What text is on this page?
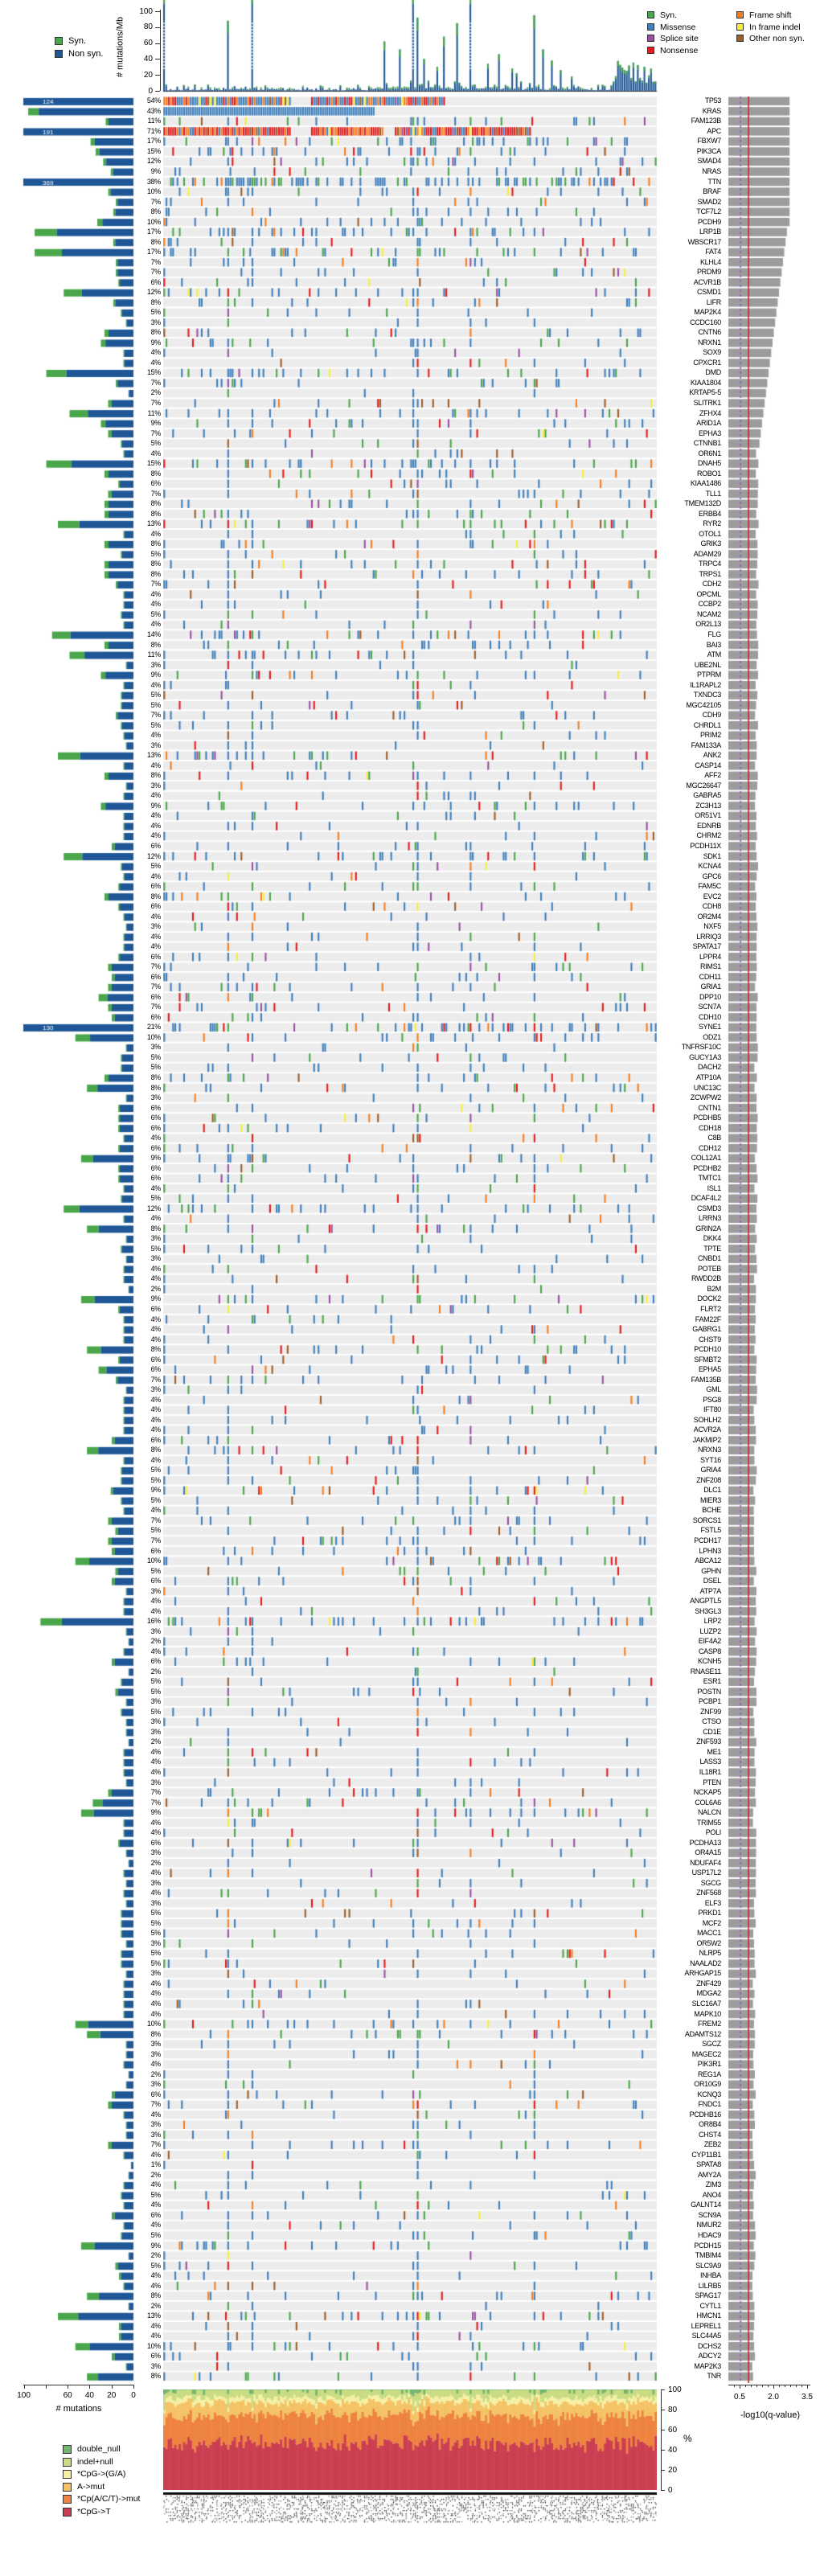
# mutations/Mb
0
20
40
60
80
100
Syn.
Non syn.
Syn.
Missense
Splice site
Nonsense
Frame shift
In frame indel
Other non syn.
54%	TP53
43%	KRAS
11%	FAM123B
71%	APC
17%	FBXW7
15%	PIK3CA
12%	SMAD4
9%	NRAS
38%	TTN
10%	BRAF
7%	SMAD2
8%	TCF7L2
10%	PCDH9
17%	LRP1B
8%	WBSCR17
17%	FAT4
7%	KLHL4
7%	PRDM9
6%	ACVR1B
12%	CSMD1
8%	LIFR
5%	MAP2K4
3%	CCDC160
8%	CNTN6
9%	NRXN1
4%	SOX9
4%	CPXCR1
15%	DMD
7%	KIAA1804
2%	KRTAP5-5
7%	SLITRK1
11%	ZFHX4
9%	ARID1A
7%	EPHA3
5%	CTNNB1
4%	OR6N1
15%	DNAH5
8%	ROBO1
6%	KIAA1486
7%	TLL1
8%	TMEM132D
8%	ERBB4
13%	RYR2
4%	OTOL1
8%	GRIK3
5%	ADAM29
8%	TRPC4
8%	TRPS1
7%	CDH2
4%	OPCML
4%	CCBP2
5%	NCAM2
4%	OR2L13
14%	FLG
8%	BAI3
11%	ATM
3%	UBE2NL
9%	PTPRM
4%	IL1RAPL2
5%	TXNDC3
5%	MGC42105
7%	CDH9
5%	CHRDL1
4%	PRIM2
3%	FAM133A
13%	ANK2
4%	CASP14
8%	AFF2
3%	MGC26647
4%	GABRA5
9%	ZC3H13
4%	OR51V1
4%	EDNRB
4%	CHRM2
6%	PCDH11X
12%	SDK1
5%	KCNA4
4%	GPC6
6%	FAM5C
8%	EVC2
6%	CDH8
4%	OR2M4
3%	NXF5
4%	LRRIQ3
4%	SPATA17
6%	LPPR4
7%	RIMS1
6%	CDH11
7%	GRIA1
6%	DPP10
7%	SCN7A
6%	CDH10
21%	SYNE1
10%	ODZ1
3%	TNFRSF10C
5%	GUCY1A3
5%	DACH2
8%	ATP10A
8%	UNC13C
3%	ZCWPW2
6%	CNTN1
6%	PCDHB5
6%	CDH18
4%	C8B
6%	CDH12
9%	COL12A1
6%	PCDHB2
6%	TMTC1
4%	ISL1
5%	DCAF4L2
12%	CSMD3
4%	LRRN3
8%	GRIN2A
3%	DKK4
5%	TPTE
3%	CNBD1
4%	POTEB
4%	RWDD2B
2%	B2M
9%	DOCK2
6%	FLRT2
4%	FAM22F
4%	GABRG1
4%	CHST9
8%	PCDH10
6%	SFMBT2
6%	EPHA5
7%	FAM135B
3%	GML
4%	PSG8
4%	IFT80
4%	SOHLH2
4%	ACVR2A
6%	JAKMIP2
8%	NRXN3
4%	SYT16
5%	GRIA4
5%	ZNF208
9%	DLC1
5%	MIER3
4%	BCHE
7%	SORCS1
5%	FSTL5
7%	PCDH17
6%	LPHN3
10%	ABCA12
5%	GPHN
6%	DSEL
3%	ATP7A
4%	ANGPTL5
4%	SH3GL3
16%	LRP2
3%	LUZP2
2%	EIF4A2
4%	CASP8
6%	KCNH5
2%	RNASE11
5%	ESR1
5%	POSTN
3%	PCBP1
5%	ZNF99
3%	CTSO
3%	CD1E
2%	ZNF593
4%	ME1
4%	LASS3
4%	IL18R1
3%	PTEN
7%	NCKAP5
7%	COL6A6
9%	NALCN
4%	TRIM55
4%	POLI
6%	PCDHA13
3%	OR4A15
2%	NDUFAF4
4%	USP17L2
3%	SGCG
4%	ZNF568
3%	ELF3
5%	PRKD1
5%	MCF2
5%	MACC1
3%	OR5W2
5%	NLRP5
5%	NAALAD2
3%	ARHGAP15
4%	ZNF429
4%	MDGA2
4%	SLC16A7
4%	MAPK10
10%	FREM2
8%	ADAMTS12
3%	SGCZ
3%	MAGEC2
4%	PIK3R1
2%	REG1A
3%	OR10G9
6%	KCNQ3
7%	FNDC1
4%	PCDHB16
3%	OR8B4
3%	CHST4
7%	ZEB2
4%	CYP11B1
1%	SPATA8
2%	AMY2A
4%	ZIM3
5%	ANO4
4%	GALNT14
6%	SCN9A
4%	NMUR2
5%	HDAC9
9%	PCDH15
2%	TMBIM4
5%	SLC9A9
4%	INHBA
4%	LILRB5
8%	SPAG17
2%	CYTL1
13%	HMCN1
4%	LEPREL1
4%	SLC44A5
10%	DCHS2
6%	ADCY2
3%	MAP2K3
8%	TNR
100	60	40	20	0
# mutations
0.5	2.0	3.5
-log10(q-value)
0
20
40
60
80
100
%
double_null
indel+null
*CpG->(G/A)
A->mut
*Cp(A/C/T)->mut
*CpG->T
